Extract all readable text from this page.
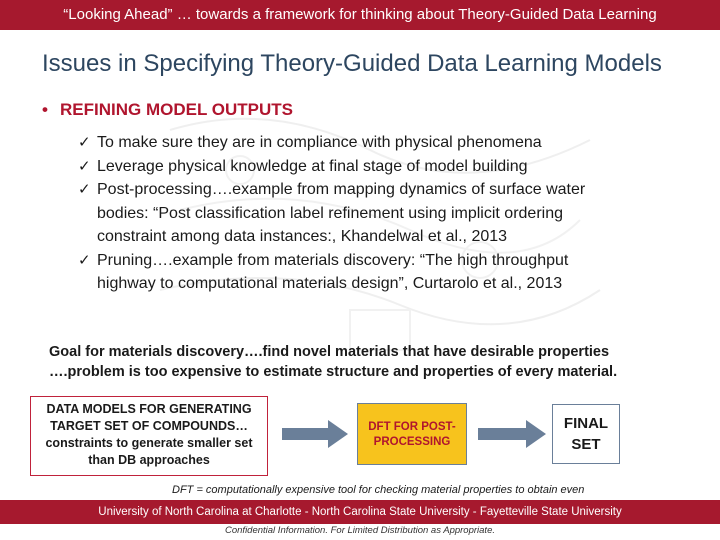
“Looking Ahead” … towards a framework for thinking about Theory-Guided Data Learning
Issues in Specifying Theory-Guided Data Learning Models
• REFINING MODEL OUTPUTS
✓ To make sure they are in compliance with physical phenomena
✓ Leverage physical knowledge at final stage of model building
✓ Post-processing….example from mapping dynamics of surface water
bodies: “Post classification label refinement using implicit ordering
constraint among data instances:, Khandelwal et al., 2013
✓ Pruning….example from materials discovery: “The high throughput
highway to computational materials design”, Curtarolo et al., 2013
Goal for materials discovery….find novel materials that have desirable properties
….problem is too expensive to estimate structure and properties of every material.
DATA MODELS FOR GENERATING
TARGET SET OF COMPOUNDS…
constraints to generate smaller set
than DB approaches
DFT FOR POST-
PROCESSING
FINAL
SET
DFT = computationally expensive tool for checking material properties to obtain even
University of North Carolina at Charlotte - North Carolina State University - Fayetteville State University
Confidential Information. For Limited Distribution as Appropriate.
